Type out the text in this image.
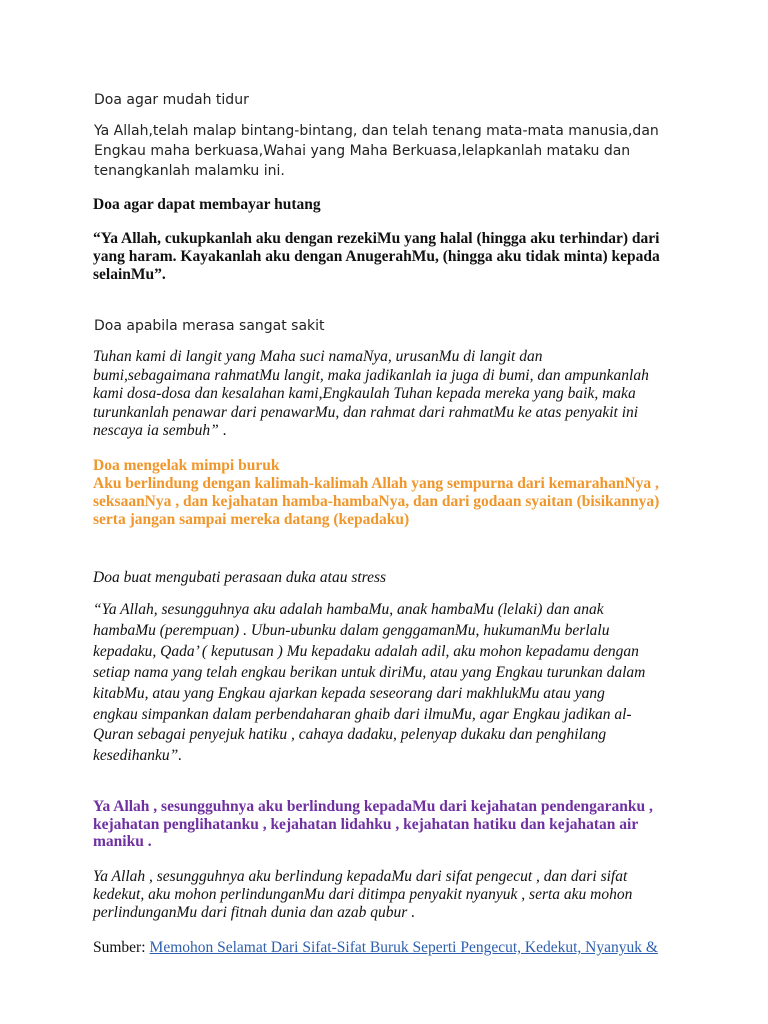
Doa agar mudah tidur
Ya Allah,telah malap bintang-bintang, dan telah tenang mata-mata manusia,dan
Engkau maha berkuasa,Wahai yang Maha Berkuasa,lelapkanlah mataku dan
tenangkanlah malamku ini.
Doa agar dapat membayar hutang
“Ya Allah, cukupkanlah aku dengan rezekiMu yang halal (hingga aku terhindar) dari
yang haram. Kayakanlah aku dengan AnugerahMu, (hingga aku tidak minta) kepada
selainMu”.
Doa apabila merasa sangat sakit
Tuhan kami di langit yang Maha suci namaNya, urusanMu di langit dan
bumi,sebagaimana rahmatMu langit, maka jadikanlah ia juga di bumi, dan ampunkanlah
kami dosa-dosa dan kesalahan kami,Engkaulah Tuhan kepada mereka yang baik, maka
turunkanlah penawar dari penawarMu, dan rahmat dari rahmatMu ke atas penyakit ini
nescaya ia sembuh” .
Doa mengelak mimpi buruk
Aku berlindung dengan kalimah-kalimah Allah yang sempurna dari kemarahanNya ,
seksaanNya , dan kejahatan hamba-hambaNya, dan dari godaan syaitan (bisikannya)
serta jangan sampai mereka datang (kepadaku)
Doa buat mengubati perasaan duka atau stress
“Ya Allah, sesungguhnya aku adalah hambaMu, anak hambaMu (lelaki) dan anak
hambaMu (perempuan) . Ubun-ubunku dalam genggamanMu, hukumanMu berlalu
kepadaku, Qada’ ( keputusan ) Mu kepadaku adalah adil, aku mohon kepadamu dengan
setiap nama yang telah engkau berikan untuk diriMu, atau yang Engkau turunkan dalam
kitabMu, atau yang Engkau ajarkan kepada seseorang dari makhlukMu atau yang
engkau simpankan dalam perbendaharan ghaib dari ilmuMu, agar Engkau jadikan al-
Quran sebagai penyejuk hatiku , cahaya dadaku, pelenyap dukaku dan penghilang
kesedihanku”.
Ya Allah , sesungguhnya aku berlindung kepadaMu dari kejahatan pendengaranku ,
kejahatan penglihatanku , kejahatan lidahku , kejahatan hatiku dan kejahatan air
maniku .
Ya Allah , sesungguhnya aku berlindung kepadaMu dari sifat pengecut , dan dari sifat
kedekut, aku mohon perlindunganMu dari ditimpa penyakit nyanyuk , serta aku mohon
perlindunganMu dari fitnah dunia dan azab qubur .
Sumber: Memohon Selamat Dari Sifat-Sifat Buruk Seperti Pengecut, Kedekut, Nyanyuk &
